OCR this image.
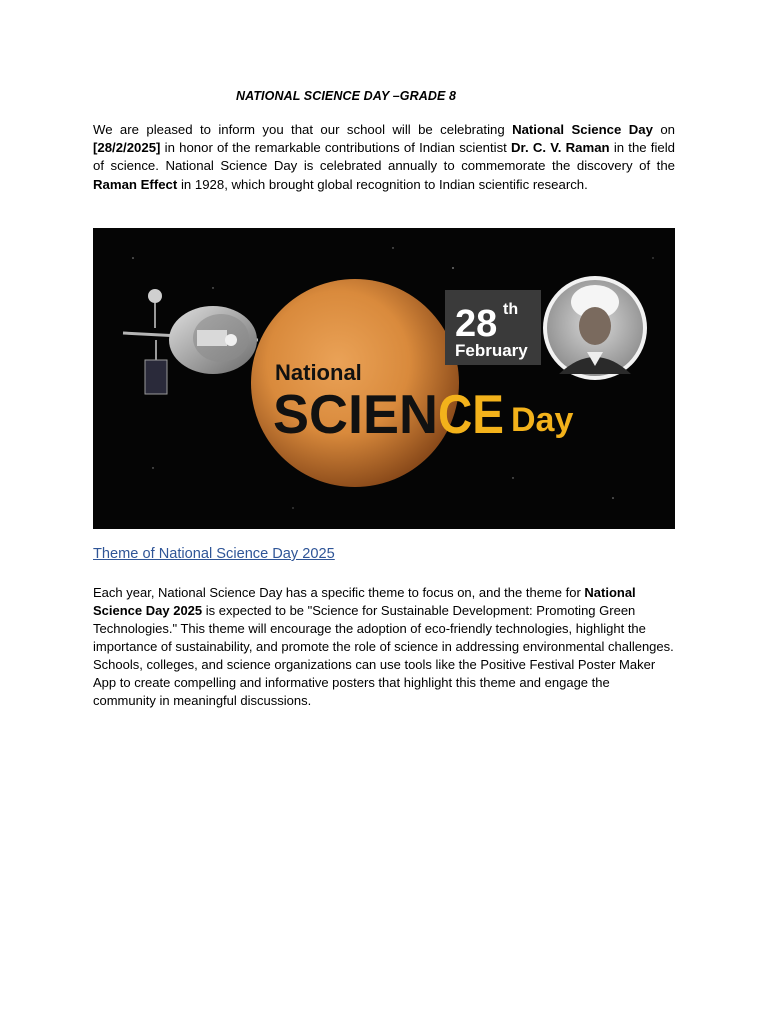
NATIONAL SCIENCE DAY –GRADE 8
We are pleased to inform you that our school will be celebrating National Science Day on [28/2/2025] in honor of the remarkable contributions of Indian scientist Dr. C. V. Raman in the field of science. National Science Day is celebrated annually to commemorate the discovery of the Raman Effect in 1928, which brought global recognition to Indian scientific research.
28 th
February
National
SCIEN CE Day
Theme of National Science Day 2025
Each year, National Science Day has a specific theme to focus on, and the theme for National Science Day 2025 is expected to be "Science for Sustainable Development: Promoting Green Technologies." This theme will encourage the adoption of eco-friendly technologies, highlight the importance of sustainability, and promote the role of science in addressing environmental challenges. Schools, colleges, and science organizations can use tools like the Positive Festival Poster Maker App to create compelling and informative posters that highlight this theme and engage the community in meaningful discussions.
